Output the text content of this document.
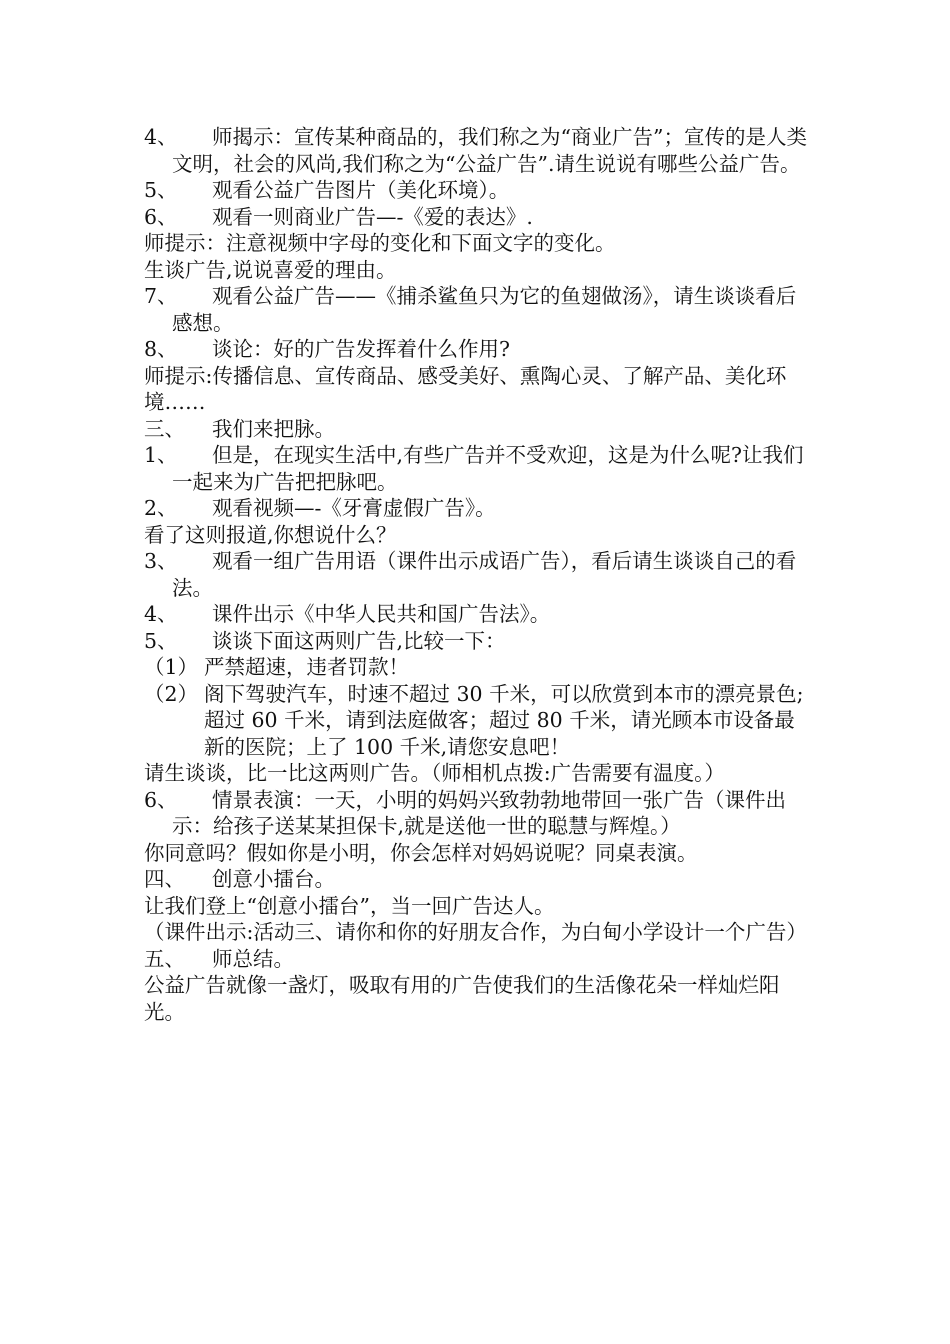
4、	师揭示：宣传某种商品的，我们称之为“商业广告”；宣传的是人类文明，社会的风尚,我们称之为“公益广告”.请生说说有哪些公益广告。

5、	观看公益广告图片（美化环境）。

6、	观看一则商业广告—-《爱的表达》.

师提示：注意视频中字母的变化和下面文字的变化。

生谈广告,说说喜爱的理由。

7、	观看公益广告——《捕杀鲨鱼只为它的鱼翅做汤》，请生谈谈看后感想。

8、	谈论：好的广告发挥着什么作用?

师提示:传播信息、宣传商品、感受美好、熏陶心灵、了解产品、美化环境……

三、	我们来把脉。

1、	但是，在现实生活中,有些广告并不受欢迎，这是为什么呢?让我们一起来为广告把把脉吧。

2、	观看视频—-《牙膏虚假广告》。

看了这则报道,你想说什么？

3、	观看一组广告用语（课件出示成语广告），看后请生谈谈自己的看法。

4、	课件出示《中华人民共和国广告法》。

5、	谈谈下面这两则广告,比较一下：

（1） 严禁超速，违者罚款！

（2） 阁下驾驶汽车，时速不超过 30 千米，可以欣赏到本市的漂亮景色;超过 60 千米，请到法庭做客；超过 80 千米，请光顾本市设备最新的医院；上了 100 千米,请您安息吧！

请生谈谈，比一比这两则广告。（师相机点拨:广告需要有温度。）

6、	情景表演：一天，小明的妈妈兴致勃勃地带回一张广告（课件出示：给孩子送某某担保卡,就是送他一世的聪慧与辉煌。）

你同意吗？假如你是小明，你会怎样对妈妈说呢？同桌表演。

四、	创意小擂台。

让我们登上“创意小擂台”，当一回广告达人。

（课件出示:活动三、请你和你的好朋友合作，为白甸小学设计一个广告）

五、	师总结。

公益广告就像一盏灯，吸取有用的广告使我们的生活像花朵一样灿烂阳光。
